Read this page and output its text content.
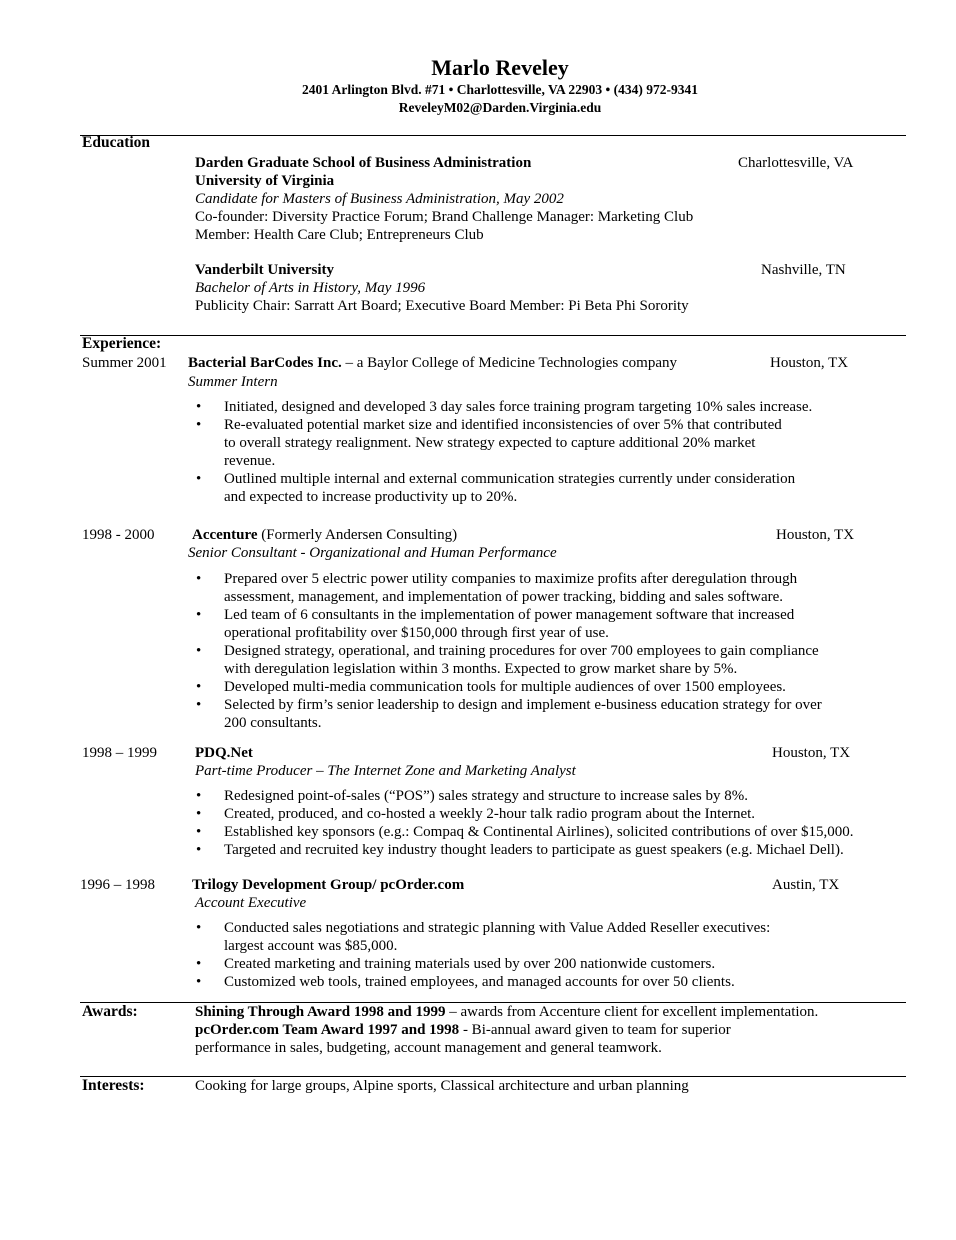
Marlo Reveley
2401 Arlington Blvd. #71 • Charlottesville, VA 22903 • (434) 972-9341
ReveleyM02@Darden.Virginia.edu
Education
Darden Graduate School of Business Administration	Charlottesville, VA
University of Virginia
Candidate for Masters of Business Administration, May 2002
Co-founder: Diversity Practice Forum; Brand Challenge Manager: Marketing Club
Member: Health Care Club; Entrepreneurs Club
Vanderbilt University	Nashville, TN
Bachelor of Arts in History, May 1996
Publicity Chair: Sarratt Art Board; Executive Board Member: Pi Beta Phi Sorority
Experience:
Summer 2001 Bacterial BarCodes Inc. – a Baylor College of Medicine Technologies company	Houston, TX
Summer Intern
• Initiated, designed and developed 3 day sales force training program targeting 10% sales increase.
• Re-evaluated potential market size and identified inconsistencies of over 5% that contributed
to overall strategy realignment. New strategy expected to capture additional 20% market
revenue.
• Outlined multiple internal and external communication strategies currently under consideration
and expected to increase productivity up to 20%.
1998 - 2000	Accenture (Formerly Andersen Consulting)	Houston, TX
Senior Consultant - Organizational and Human Performance
• Prepared over 5 electric power utility companies to maximize profits after deregulation through
assessment, management, and implementation of power tracking, bidding and sales software.
• Led team of 6 consultants in the implementation of power management software that increased
operational profitability over $150,000 through first year of use.
• Designed strategy, operational, and training procedures for over 700 employees to gain compliance
with deregulation legislation within 3 months. Expected to grow market share by 5%.
• Developed multi-media communication tools for multiple audiences of over 1500 employees.
• Selected by firm’s senior leadership to design and implement e-business education strategy for over
200 consultants.
1998 – 1999	PDQ.Net	Houston, TX
Part-time Producer – The Internet Zone and Marketing Analyst
• Redesigned point-of-sales (“POS”) sales strategy and structure to increase sales by 8%.
• Created, produced, and co-hosted a weekly 2-hour talk radio program about the Internet.
• Established key sponsors (e.g.: Compaq & Continental Airlines), solicited contributions of over $15,000.
• Targeted and recruited key industry thought leaders to participate as guest speakers (e.g. Michael Dell).
1996 – 1998 Trilogy Development Group/ pcOrder.com	Austin, TX
Account Executive
• Conducted sales negotiations and strategic planning with Value Added Reseller executives:
largest account was $85,000.
• Created marketing and training materials used by over 200 nationwide customers.
• Customized web tools, trained employees, and managed accounts for over 50 clients.
Awards:	Shining Through Award 1998 and 1999 – awards from Accenture client for excellent implementation.
pcOrder.com Team Award 1997 and 1998 - Bi-annual award given to team for superior
performance in sales, budgeting, account management and general teamwork.
Interests:	Cooking for large groups, Alpine sports, Classical architecture and urban planning
